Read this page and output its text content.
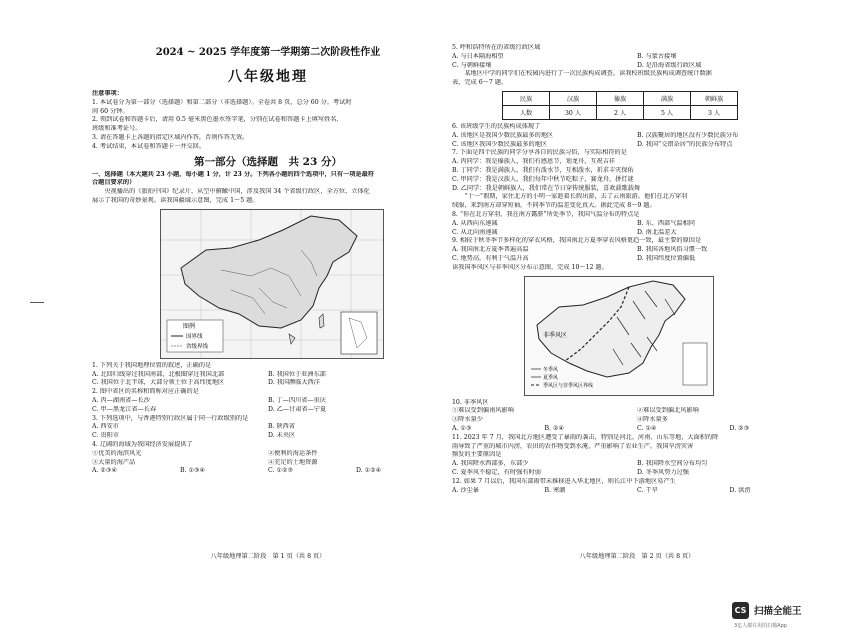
2024 ~ 2025 学年度第一学期第二次阶段性作业
八年级地理
注意事项：
1. 本试卷分为第一部分（选择题）和第二部分（非选择题）。全卷共 8 页，总分 60 分。考试时
间 60 分钟。
2. 领到试卷和答题卡后，请用 0.5 毫米黑色墨水签字笔，分别在试卷和答题卡上填写姓名、
班级和准考证号。
3. 请在答题卡上各题的指定区域内作答，否则作答无效。
4. 考试结束，本试卷和答题卡一并交回。
第一部分（选择题　共 23 分）
一、选择题（本大题共 23 小题，每小题 1 分，计 23 分。下列各小题的四个选项中，只有一项是最符
合题目要求的）
　　央视播出的《旅拍中国》纪录片，从空中俯瞰中国，涉及我国 34 个省级行政区，全方位、立体化
展示了我国的奇妙景观。读我国疆域示意图，完成 1～5 题。
图例
国界线
省级界线
1. 下列关于我国地理位置的叙述，正确的是
A. 北回归线穿过我国南部，北极圈穿过我国北部	B. 我国位于亚洲东部
C. 我国位于北半球，大部分领土位于高纬度地区	D. 我国濒临大西洋
2. 图中省区的名称和简称对应正确的是
A. 丙—湖南省—长沙	B. 丁—四川省—重庆
C. 甲—黑龙江省—长春	D. 乙—甘肃省—宁夏
3. 下列选项中，与香港特别行政区属于同一行政级别的是
A. 西安市	B. 陕西省
C. 贵阳市	D. 未央区
4. 辽阔的海域为我国经济发展提供了
①优美的海滨风光	②便利的海运条件
③大量的海产品	④充足的土地资源
A. ②③④	B. ①③④	C. ①②③	D. ①②④
八年级地理第二阶段　第 1 页（共 8 页）
5. 呼和浩特所在的省级行政区域
A. 与日本隔海相望	B. 与蒙古接壤
C. 与朝鲜接壤	D. 是沿海省级行政区域
　　某地区中学的同学们在校园内进行了一次民族构成调查。读我校班级民族构成调查统计数据
表，完成 6～7 题。
民族	汉族	傣族	满族	朝鲜族
人数	30 人	2 人	5 人	3 人
6. 该班级学生的民族构成体现了
A. 该地区是我国少数民族最多的地区	B. 汉族聚居的地区没有少数民族分布
C. 该地区我国少数民族最多的地区	D. 我国“交错杂居”的民族分布特点
7. 下面是四个民族的同学分享各自的民族习俗，与实际相符的是
A. 丙同学：我是傣族人，我们有感恩节，划龙舟，互祝吉祥
B. 丁同学：我是满族人，我们有泼水节，互相泼水，祈求丰灾保佑
C. 甲同学：我是汉族人，我们每年中秋节吃粽子，赛龙舟，拼灯谜
D. 乙同学：我是朝鲜族人，我们常在节日穿传统服装，喜欢载歌载舞
　　“十一”假期，家住北方的小明一家趁着长假出游，去了云南旅游。他们在北方穿羽
绒服，来到南方却穿短袖，不同季节的温差变化真大。据此完成 8～9 题。
8. “你在北方穿羽，我在南方露脐”所处季节，我国气温分布的特点是
A. 从西向东递减	B. 东、西部气温相同
C. 从北向南递减	D. 南北温差大
9. 相较于秋冬季节多样化的穿衣风格，我国南北方夏季穿衣风格更趋一致，最主要的原因是
A. 我国南北方夏季普遍高温	B. 我国各地风俗习惯一致
C. 地势高，有利于气温升高	D. 我国纬度位置偏低
读我国季风区与非季风区分布示意图，完成 10～12 题。
非季风区
冬季风
夏季风
季风区与非季风区界线
10. 非季风区
①难以受到偏南风影响	②难以受到偏北风影响
③降水量少	④降水量多
A. ①③	B. ②④	C. ①④	D. ②③
11. 2023 年 7 月，我国北方地区遭受了暴雨的袭击，特别是河北、河南、山东等地，大面积的降
雨导致了严重的城市内涝，农田的农作物受到水淹，严重影响了农业生产。我国旱涝灾害
频发的主要原因是
A. 我国降水西部多，东部少	B. 我国降水空间分布均匀
C. 夏季风不稳定，有时强有时弱	D. 冬季风势力过强
12. 如果 7 月以后，我国东部雨带未推移进入华北地区，则长江中下游地区易产生
A. 沙尘暴	B. 寒潮	C. 干旱	D. 洪涝
八年级地理第二阶段　第 2 页（共 8 页）
CS 扫描全能王
3亿人都在用的扫描App
